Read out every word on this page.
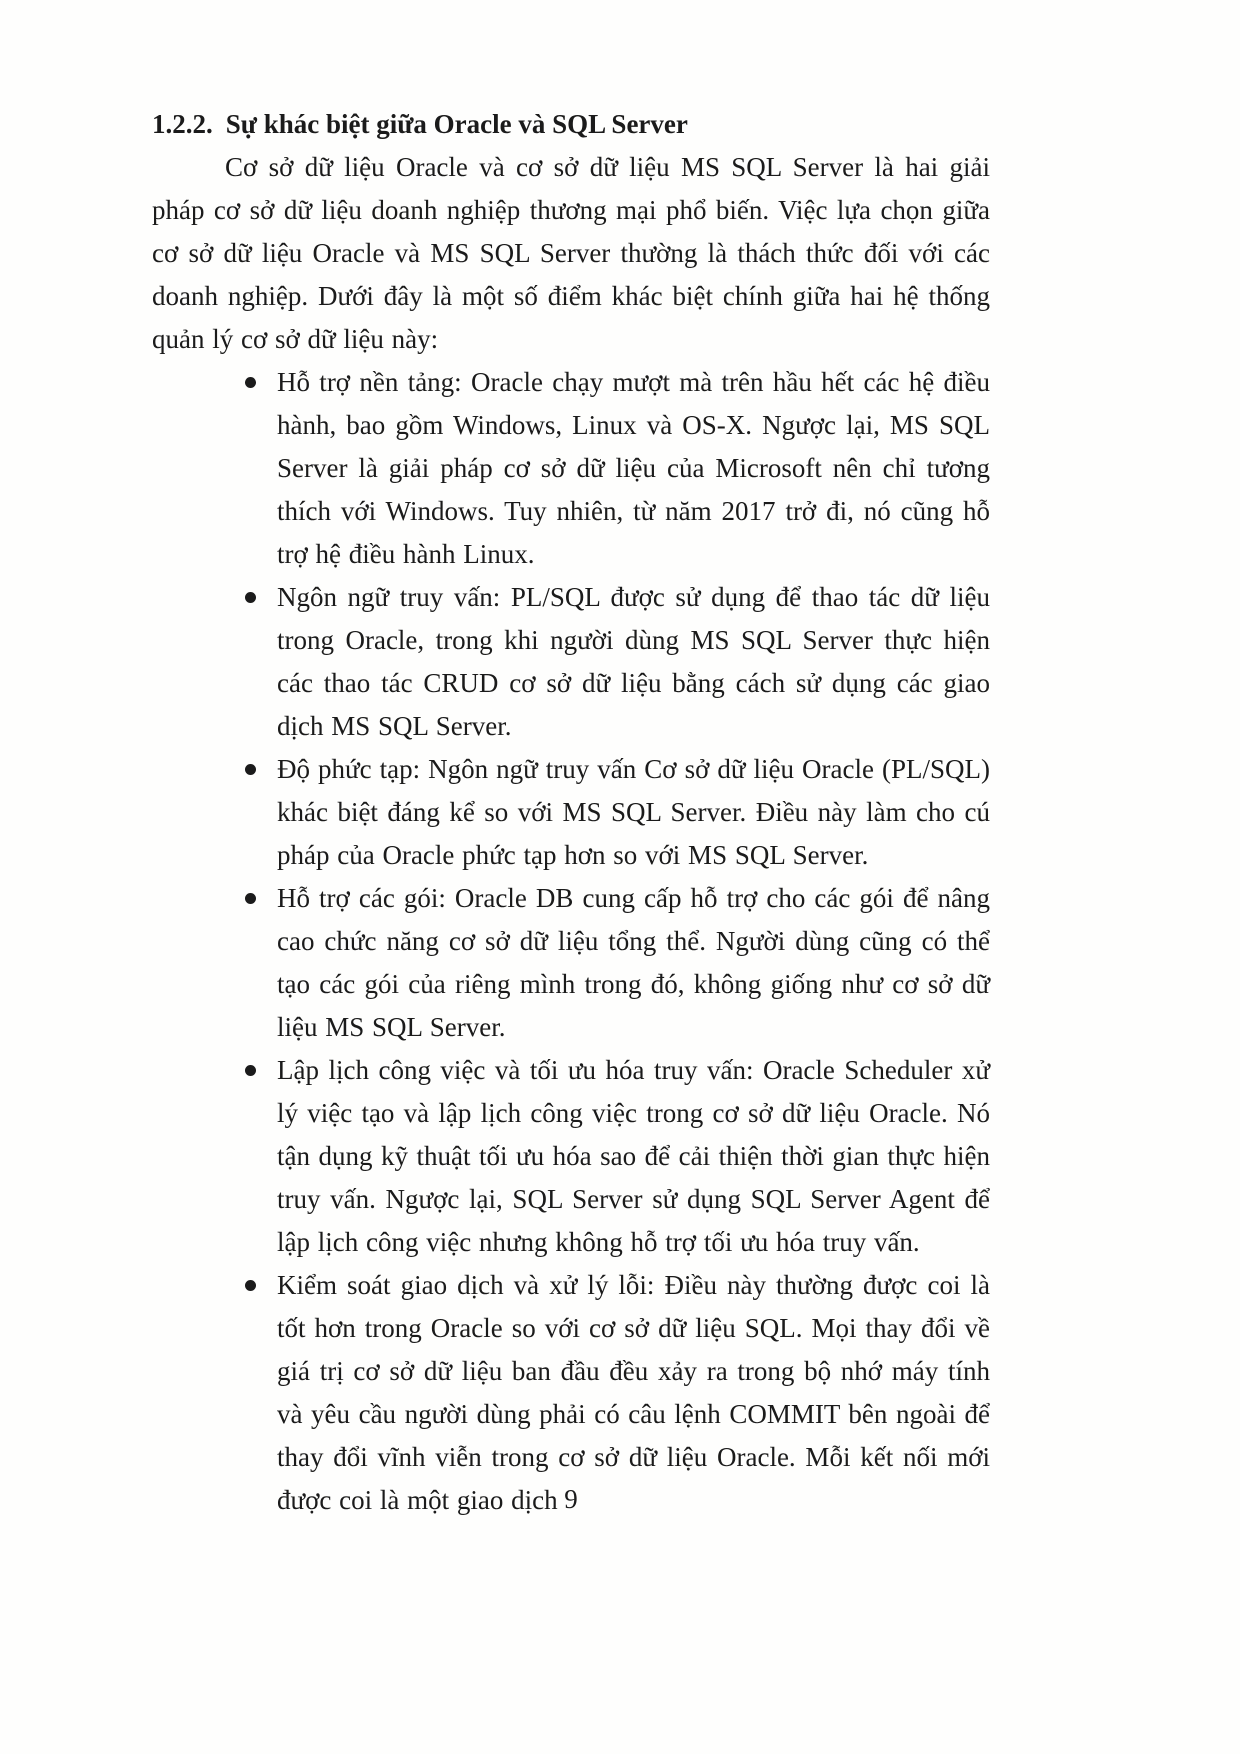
1.2.2. Sự khác biệt giữa Oracle và SQL Server

Cơ sở dữ liệu Oracle và cơ sở dữ liệu MS SQL Server là hai giải pháp cơ sở dữ liệu doanh nghiệp thương mại phổ biến. Việc lựa chọn giữa cơ sở dữ liệu Oracle và MS SQL Server thường là thách thức đối với các doanh nghiệp. Dưới đây là một số điểm khác biệt chính giữa hai hệ thống quản lý cơ sở dữ liệu này:

Hỗ trợ nền tảng: Oracle chạy mượt mà trên hầu hết các hệ điều hành, bao gồm Windows, Linux và OS-X. Ngược lại, MS SQL Server là giải pháp cơ sở dữ liệu của Microsoft nên chỉ tương thích với Windows. Tuy nhiên, từ năm 2017 trở đi, nó cũng hỗ trợ hệ điều hành Linux.
Ngôn ngữ truy vấn: PL/SQL được sử dụng để thao tác dữ liệu trong Oracle, trong khi người dùng MS SQL Server thực hiện các thao tác CRUD cơ sở dữ liệu bằng cách sử dụng các giao dịch MS SQL Server.
Độ phức tạp: Ngôn ngữ truy vấn Cơ sở dữ liệu Oracle (PL/SQL) khác biệt đáng kể so với MS SQL Server. Điều này làm cho cú pháp của Oracle phức tạp hơn so với MS SQL Server.
Hỗ trợ các gói: Oracle DB cung cấp hỗ trợ cho các gói để nâng cao chức năng cơ sở dữ liệu tổng thể. Người dùng cũng có thể tạo các gói của riêng mình trong đó, không giống như cơ sở dữ liệu MS SQL Server.
Lập lịch công việc và tối ưu hóa truy vấn: Oracle Scheduler xử lý việc tạo và lập lịch công việc trong cơ sở dữ liệu Oracle. Nó tận dụng kỹ thuật tối ưu hóa sao để cải thiện thời gian thực hiện truy vấn. Ngược lại, SQL Server sử dụng SQL Server Agent để lập lịch công việc nhưng không hỗ trợ tối ưu hóa truy vấn.
Kiểm soát giao dịch và xử lý lỗi: Điều này thường được coi là tốt hơn trong Oracle so với cơ sở dữ liệu SQL. Mọi thay đổi về giá trị cơ sở dữ liệu ban đầu đều xảy ra trong bộ nhớ máy tính và yêu cầu người dùng phải có câu lệnh COMMIT bên ngoài để thay đổi vĩnh viễn trong cơ sở dữ liệu Oracle. Mỗi kết nối mới được coi là một giao dịch 9
